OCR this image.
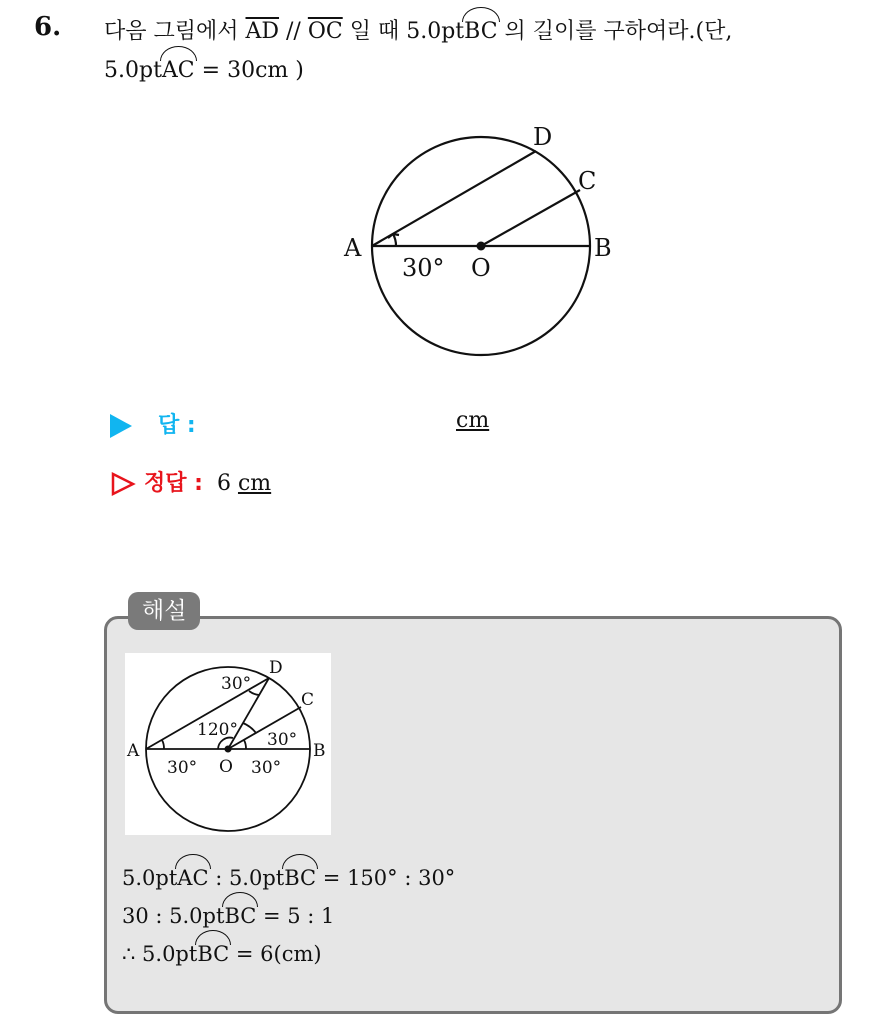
6. 다음 그림에서 $\overline{AD} // \overline{OC}$ 일 때 5.0ptBC 의 길이를 구하여라.(단,
5.0ptAC = 30cm )
A	B
C
D
O
30°
답 :	cm
정답 : 6 cm
해설
A	B
C
D
O
30°
120° 30°
30°	30°
5.0ptAC : 5.0ptBC = 150° : 30°
30 : 5.0ptBC = 5 : 1
∴ 5.0ptBC = 6(cm)
